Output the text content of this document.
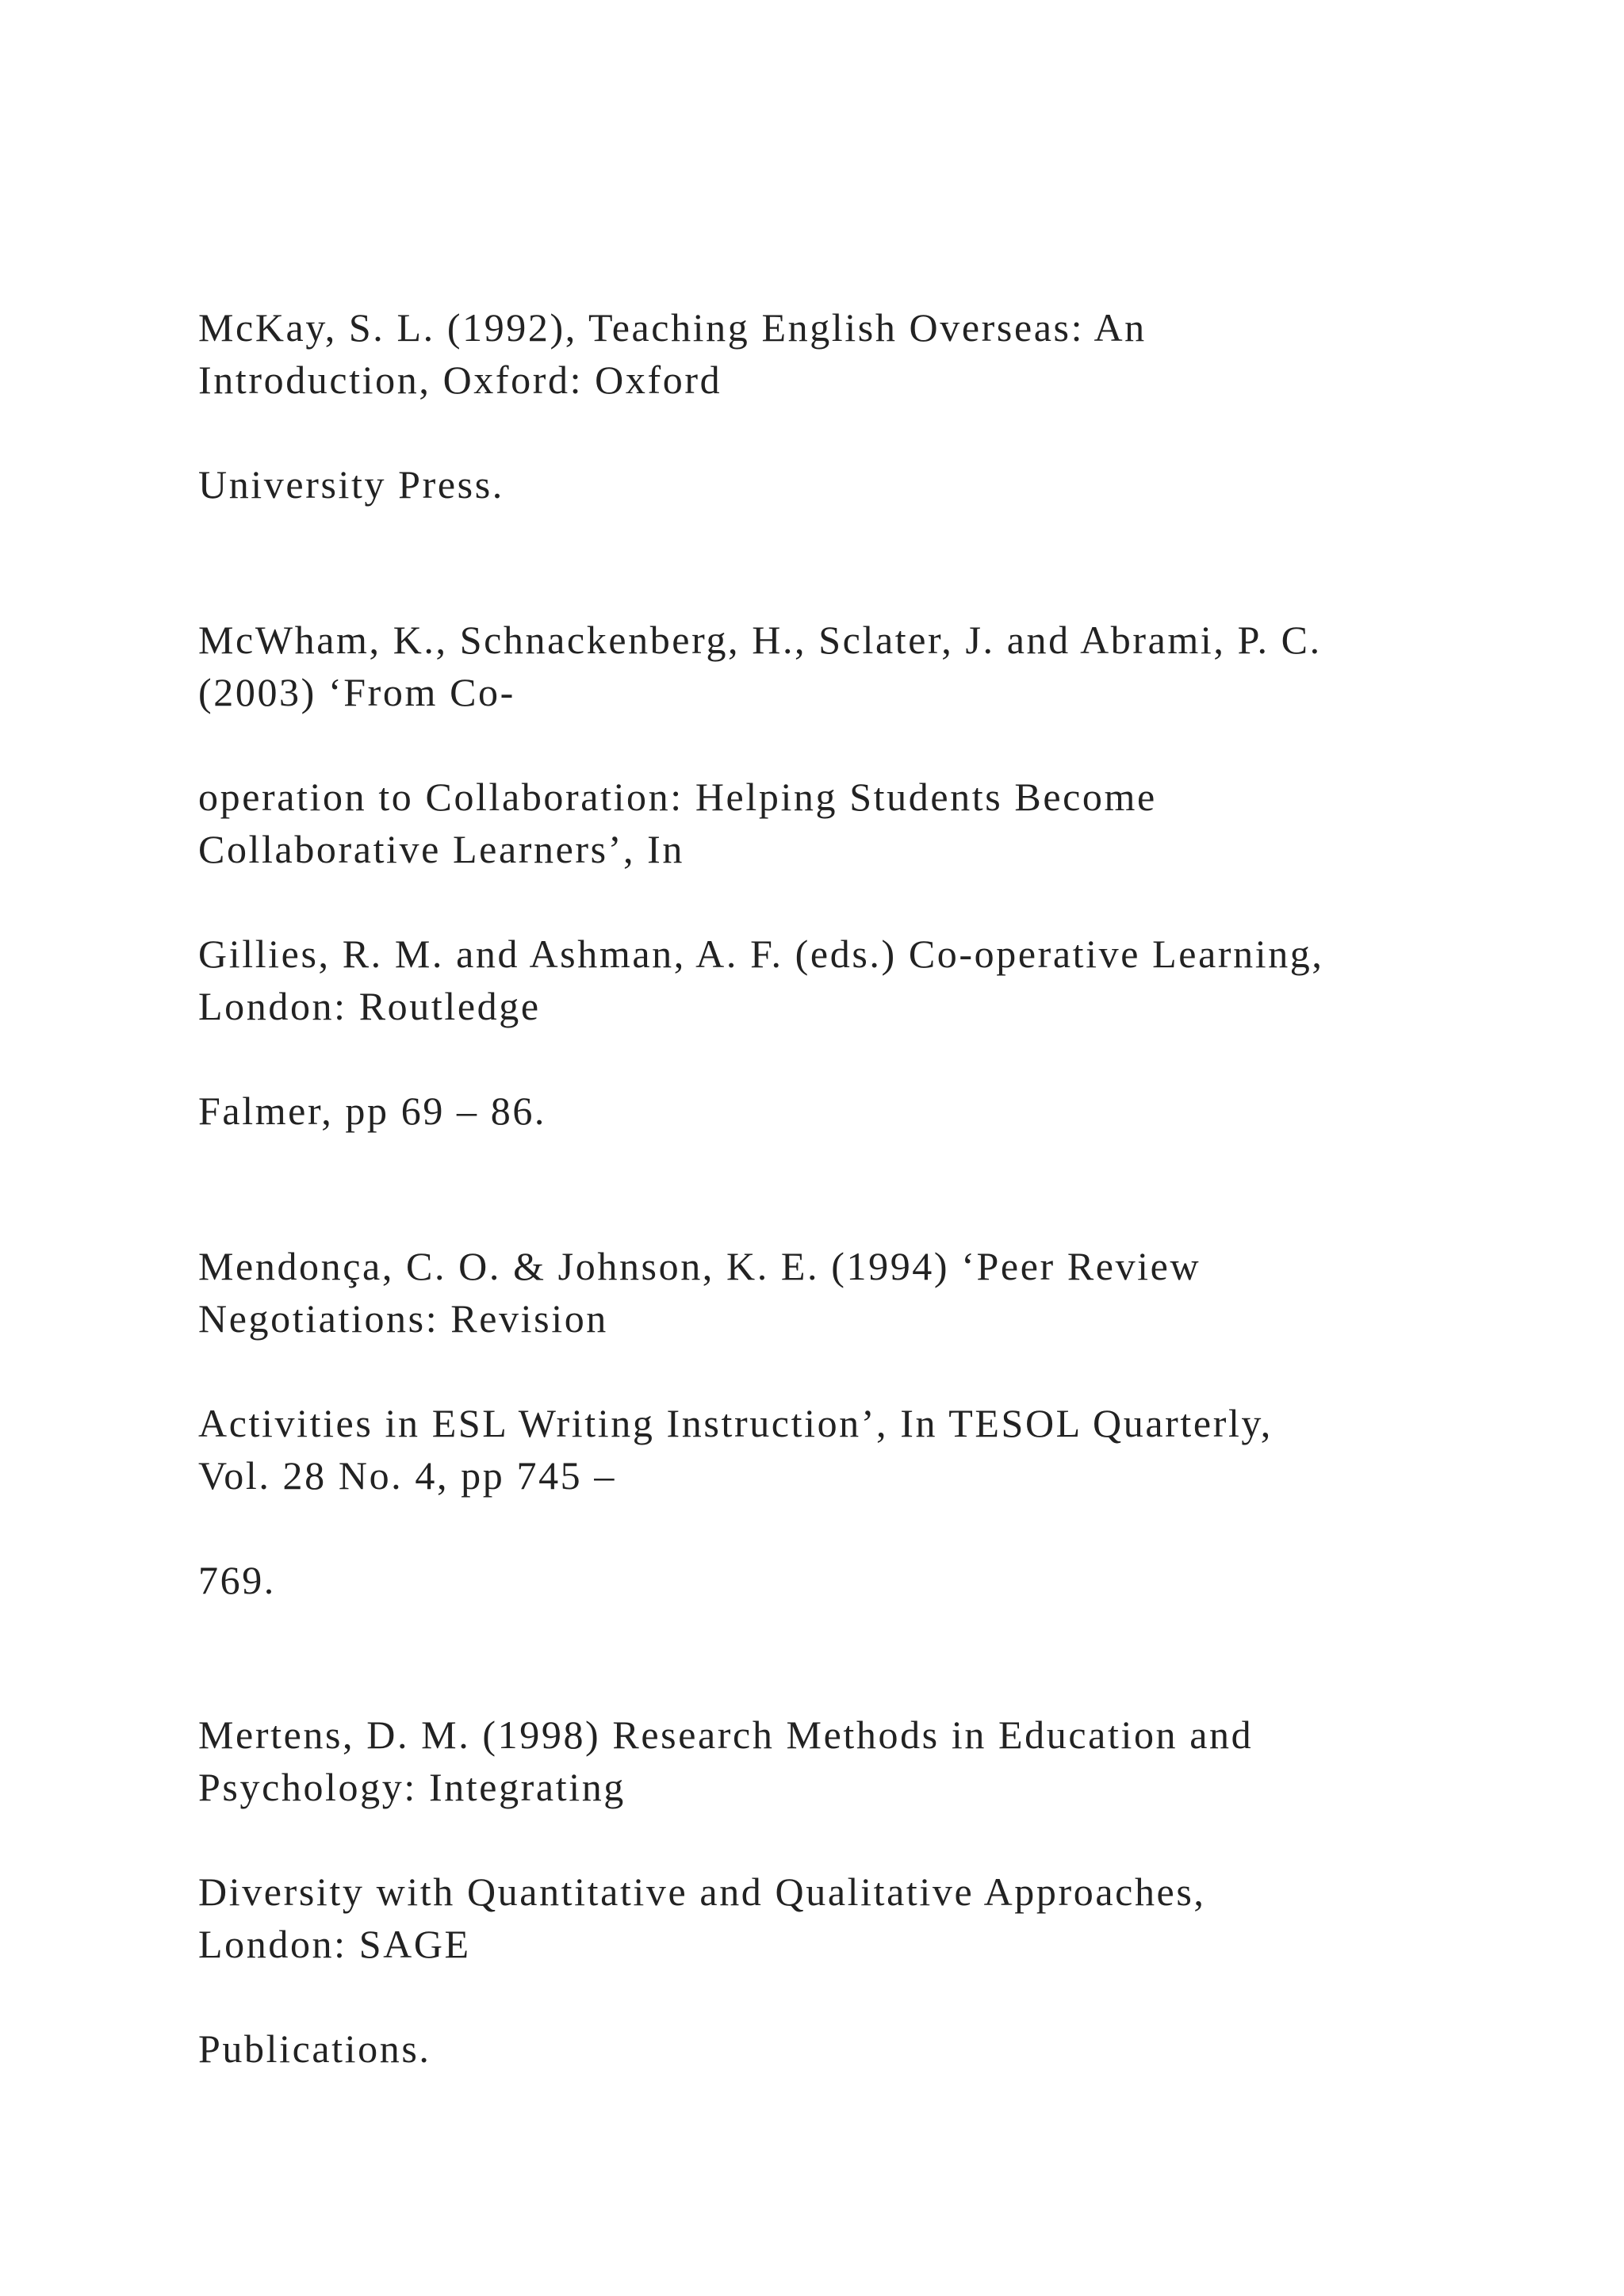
McKay, S. L. (1992), Teaching English Overseas: An
Introduction, Oxford: Oxford

University Press.

McWham, K., Schnackenberg, H., Sclater, J. and Abrami, P. C.
(2003) ‘From Co-

operation to Collaboration: Helping Students Become
Collaborative Learners’, In

Gillies, R. M. and Ashman, A. F. (eds.) Co-operative Learning,
London: Routledge

Falmer, pp 69 – 86.

Mendonça, C. O. & Johnson, K. E. (1994) ‘Peer Review
Negotiations: Revision

Activities in ESL Writing Instruction’, In TESOL Quarterly,
Vol. 28 No. 4, pp 745 –

769.

Mertens, D. M. (1998) Research Methods in Education and
Psychology: Integrating

Diversity with Quantitative and Qualitative Approaches,
London: SAGE

Publications.
